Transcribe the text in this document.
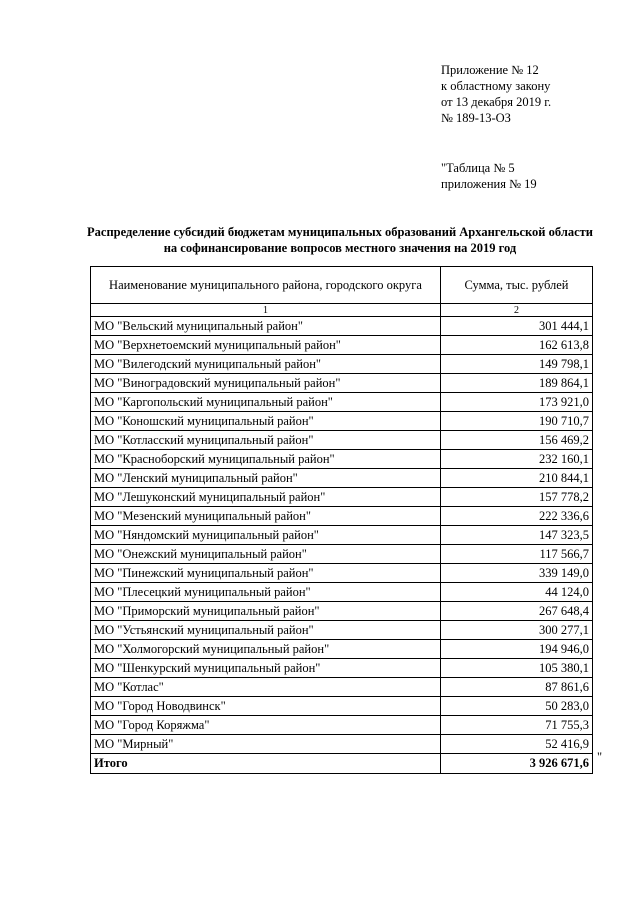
Приложение № 12
к областному закону
от 13 декабря 2019 г.
№ 189-13-ОЗ
"Таблица № 5
приложения № 19
Распределение субсидий бюджетам муниципальных образований Архангельской области на софинансирование вопросов местного значения на 2019 год
Наименование муниципального района, городского округа	Сумма, тыс. рублей
1	2
МО "Вельский муниципальный район"	301 444,1
МО "Верхнетоемский муниципальный район"	162 613,8
МО "Вилегодский муниципальный район"	149 798,1
МО "Виноградовский муниципальный район"	189 864,1
МО "Каргопольский муниципальный район"	173 921,0
МО "Коношский муниципальный район"	190 710,7
МО "Котласский муниципальный район"	156 469,2
МО "Красноборский муниципальный район"	232 160,1
МО "Ленский муниципальный район"	210 844,1
МО "Лешуконский муниципальный район"	157 778,2
МО "Мезенский муниципальный район"	222 336,6
МО "Няндомский муниципальный район"	147 323,5
МО "Онежский муниципальный район"	117 566,7
МО "Пинежский муниципальный район"	339 149,0
МО "Плесецкий муниципальный район"	44 124,0
МО "Приморский муниципальный район"	267 648,4
МО "Устьянский муниципальный район"	300 277,1
МО "Холмогорский муниципальный район"	194 946,0
МО "Шенкурский муниципальный район"	105 380,1
МО "Котлас"	87 861,6
МО "Город Новодвинск"	50 283,0
МО "Город Коряжма"	71 755,3
МО "Мирный"	52 416,9
Итого	3 926 671,6 "
